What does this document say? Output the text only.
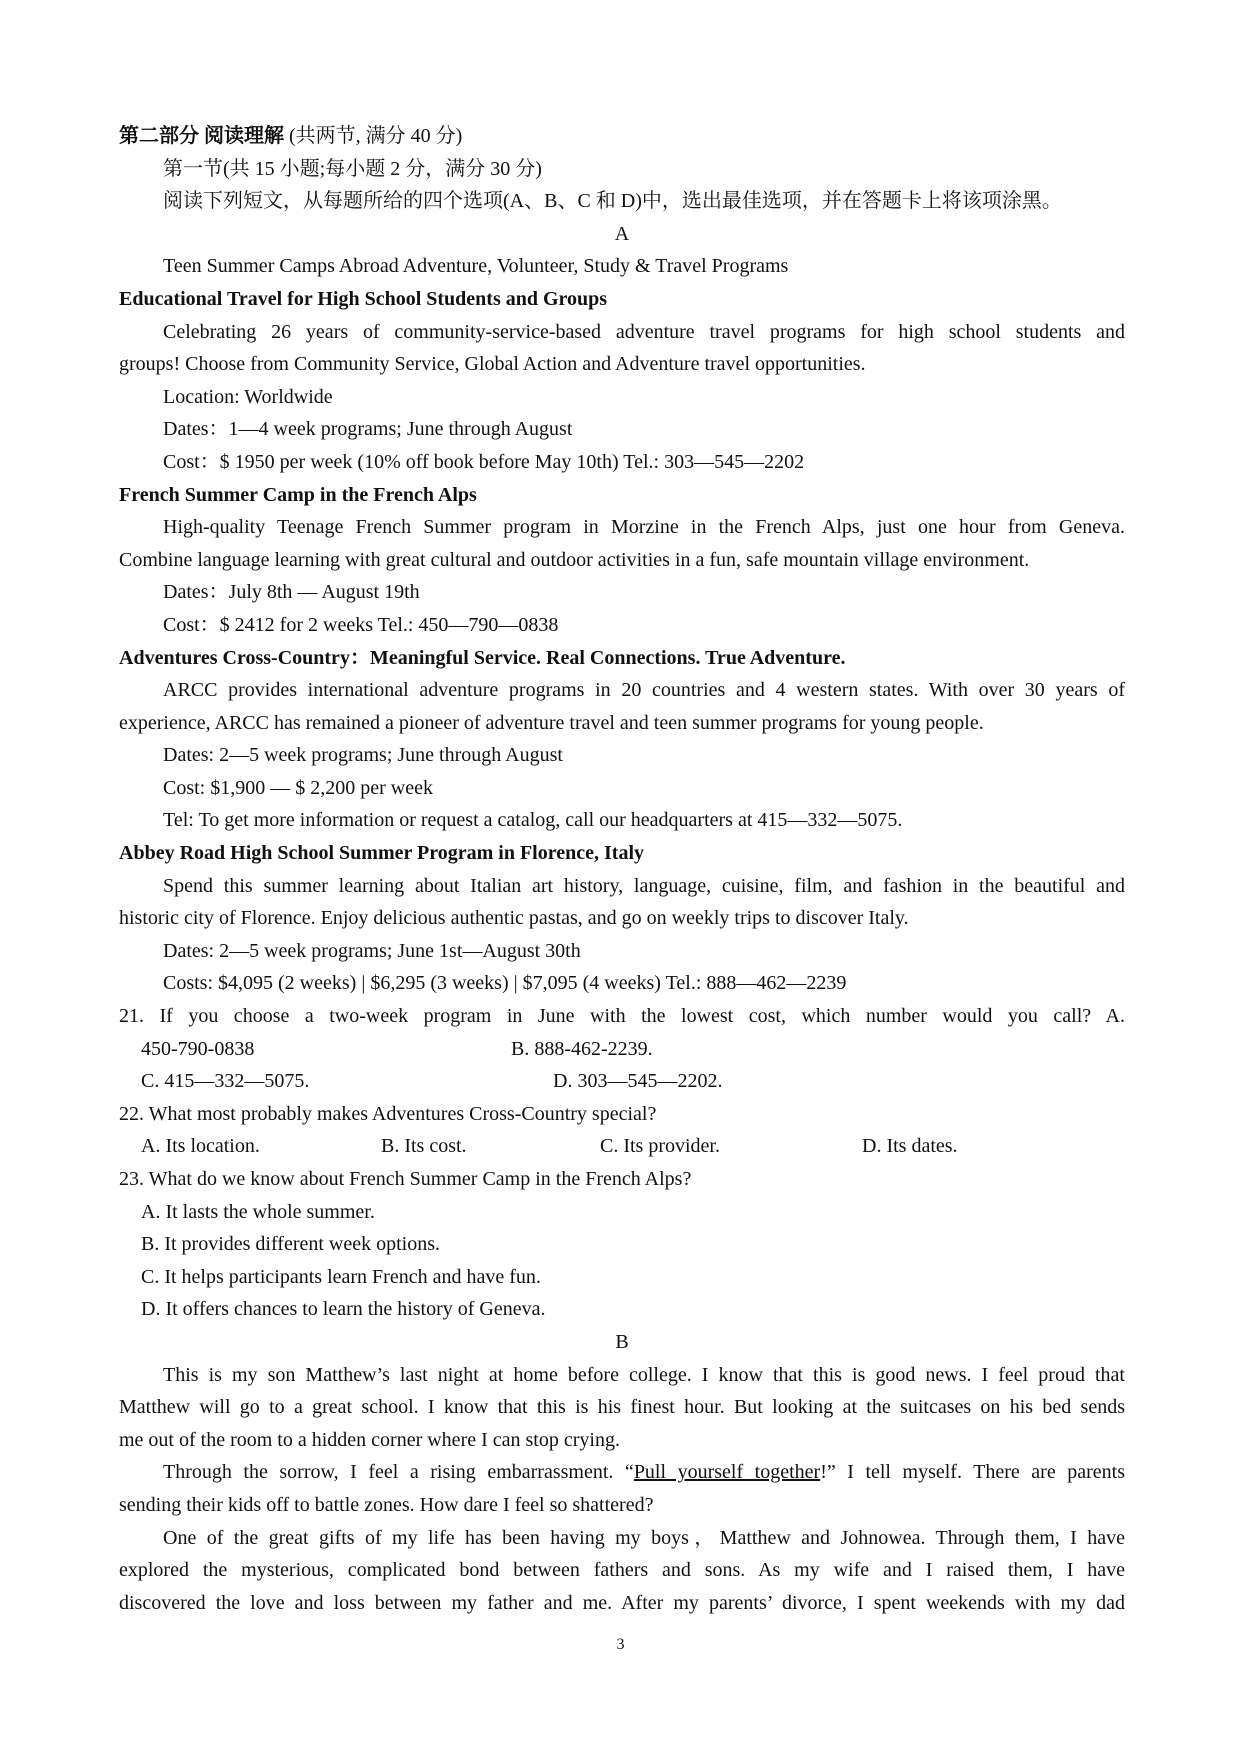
第二部分 阅读理解 (共两节, 满分 40 分)
第一节(共 15 小题;每小题 2 分，满分 30 分)
阅读下列短文，从每题所给的四个选项(A、B、C 和 D)中，选出最佳选项，并在答题卡上将该项涂黑。
A
Teen Summer Camps Abroad Adventure, Volunteer, Study & Travel Programs
Educational Travel for High School Students and Groups
Celebrating 26 years of community-service-based adventure travel programs for high school students and
groups! Choose from Community Service, Global Action and Adventure travel opportunities.
Location: Worldwide
Dates：1—4 week programs; June through August
Cost：$ 1950 per week (10% off book before May 10th) Tel.: 303—545—2202
French Summer Camp in the French Alps
High-quality Teenage French Summer program in Morzine in the French Alps, just one hour from Geneva.
Combine language learning with great cultural and outdoor activities in a fun, safe mountain village environment.
Dates：July 8th — August 19th
Cost：$ 2412 for 2 weeks Tel.: 450—790—0838
Adventures Cross-Country：Meaningful Service. Real Connections. True Adventure.
ARCC provides international adventure programs in 20 countries and 4 western states. With over 30 years of
experience, ARCC has remained a pioneer of adventure travel and teen summer programs for young people.
Dates: 2—5 week programs; June through August
Cost: $1,900 — $ 2,200 per week
Tel: To get more information or request a catalog, call our headquarters at 415—332—5075.
Abbey Road High School Summer Program in Florence, Italy
Spend this summer learning about Italian art history, language, cuisine, film, and fashion in the beautiful and
historic city of Florence. Enjoy delicious authentic pastas, and go on weekly trips to discover Italy.
Dates: 2—5 week programs; June 1st—August 30th
Costs: $4,095 (2 weeks) | $6,295 (3 weeks) | $7,095 (4 weeks) Tel.: 888—462—2239
21. If you choose a two-week program in June with the lowest cost, which number would you call? A.
450-790-0838	B. 888-462-2239.
C. 415—332—5075.	D. 303—545—2202.
22. What most probably makes Adventures Cross-Country special?
A. Its location.	B. Its cost.	C. Its provider.	D. Its dates.
23. What do we know about French Summer Camp in the French Alps?
A. It lasts the whole summer.
B. It provides different week options.
C. It helps participants learn French and have fun.
D. It offers chances to learn the history of Geneva.
B
This is my son Matthew’s last night at home before college. I know that this is good news. I feel proud that
Matthew will go to a great school. I know that this is his finest hour. But looking at the suitcases on his bed sends
me out of the room to a hidden corner where I can stop crying.
Through the sorrow, I feel a rising embarrassment. “Pull yourself together!” I tell myself. There are parents
sending their kids off to battle zones. How dare I feel so shattered?
One of the great gifts of my life has been having my boys，Matthew and Johnowea. Through them, I have
explored the mysterious, complicated bond between fathers and sons. As my wife and I raised them, I have
discovered the love and loss between my father and me. After my parents’ divorce, I spent weekends with my dad
3
